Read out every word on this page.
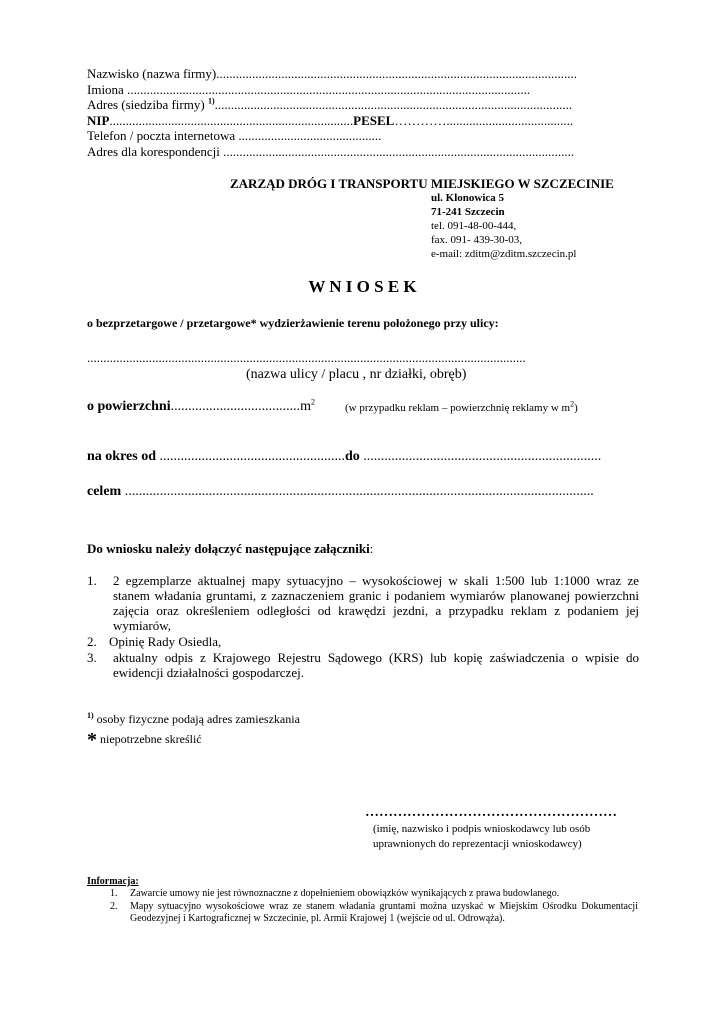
Nazwisko (nazwa firmy)...............................................................................................................
Imiona ............................................................................................................................
Adres (siedziba firmy) $^{1)}$..............................................................................................................
NIP...........................................................................PESEL………….......................................
Telefon / poczta internetowa ............................................
Adres dla korespondencji ............................................................................................................
ZARZĄD DRÓG I TRANSPORTU MIEJSKIEGO W SZCZECINIE
ul. Klonowica 5
71-241 Szczecin
tel. 091-48-00-444,
fax. 091- 439-30-03,
e-mail: zditm@zditm.szczecin.pl
W N I O S E K
o bezprzetargowe / przetargowe* wydzierżawienie terenu położonego przy ulicy:
.......................................................................................................................................
(nazwa ulicy / placu , nr działki, obręb)
o $powierzchni.....................................m^2$
(w przypadku reklam – powierzchnię reklamy w $m^2$)
na okres od .....................................................do ....................................................................
celem ......................................................................................................................................
Do wniosku należy dołączyć następujące załączniki:
1. 2 egzemplarze aktualnej mapy sytuacyjno – wysokościowej w skali 1:500 lub 1:1000 wraz ze stanem władania gruntami, z zaznaczeniem granic i podaniem wymiarów planowanej powierzchni zajęcia oraz określeniem odległości od krawędzi jezdni, a przypadku reklam z podaniem jej wymiarów,
2. Opinię Rady Osiedla,
3. aktualny odpis z Krajowego Rejestru Sądowego (KRS) lub kopię zaświadczenia o wpisie do ewidencji działalności gospodarczej.
$^{1)}$ osoby fizyczne podają adres zamieszkania
* niepotrzebne skreślić
………………………………………………
(imię, nazwisko i podpis wnioskodawcy lub osób
uprawnionych do reprezentacji wnioskodawcy)
Informacja:
1. Zawarcie umowy nie jest równoznaczne z dopełnieniem obowiązków wynikających z prawa budowlanego.
2. Mapy sytuacyjno wysokościowe wraz ze stanem władania gruntami można uzyskać w Miejskim Ośrodku Dokumentacji Geodezyjnej i Kartograficznej w Szczecinie, pl. Armii Krajowej 1 (wejście od ul. Odrowąża).
